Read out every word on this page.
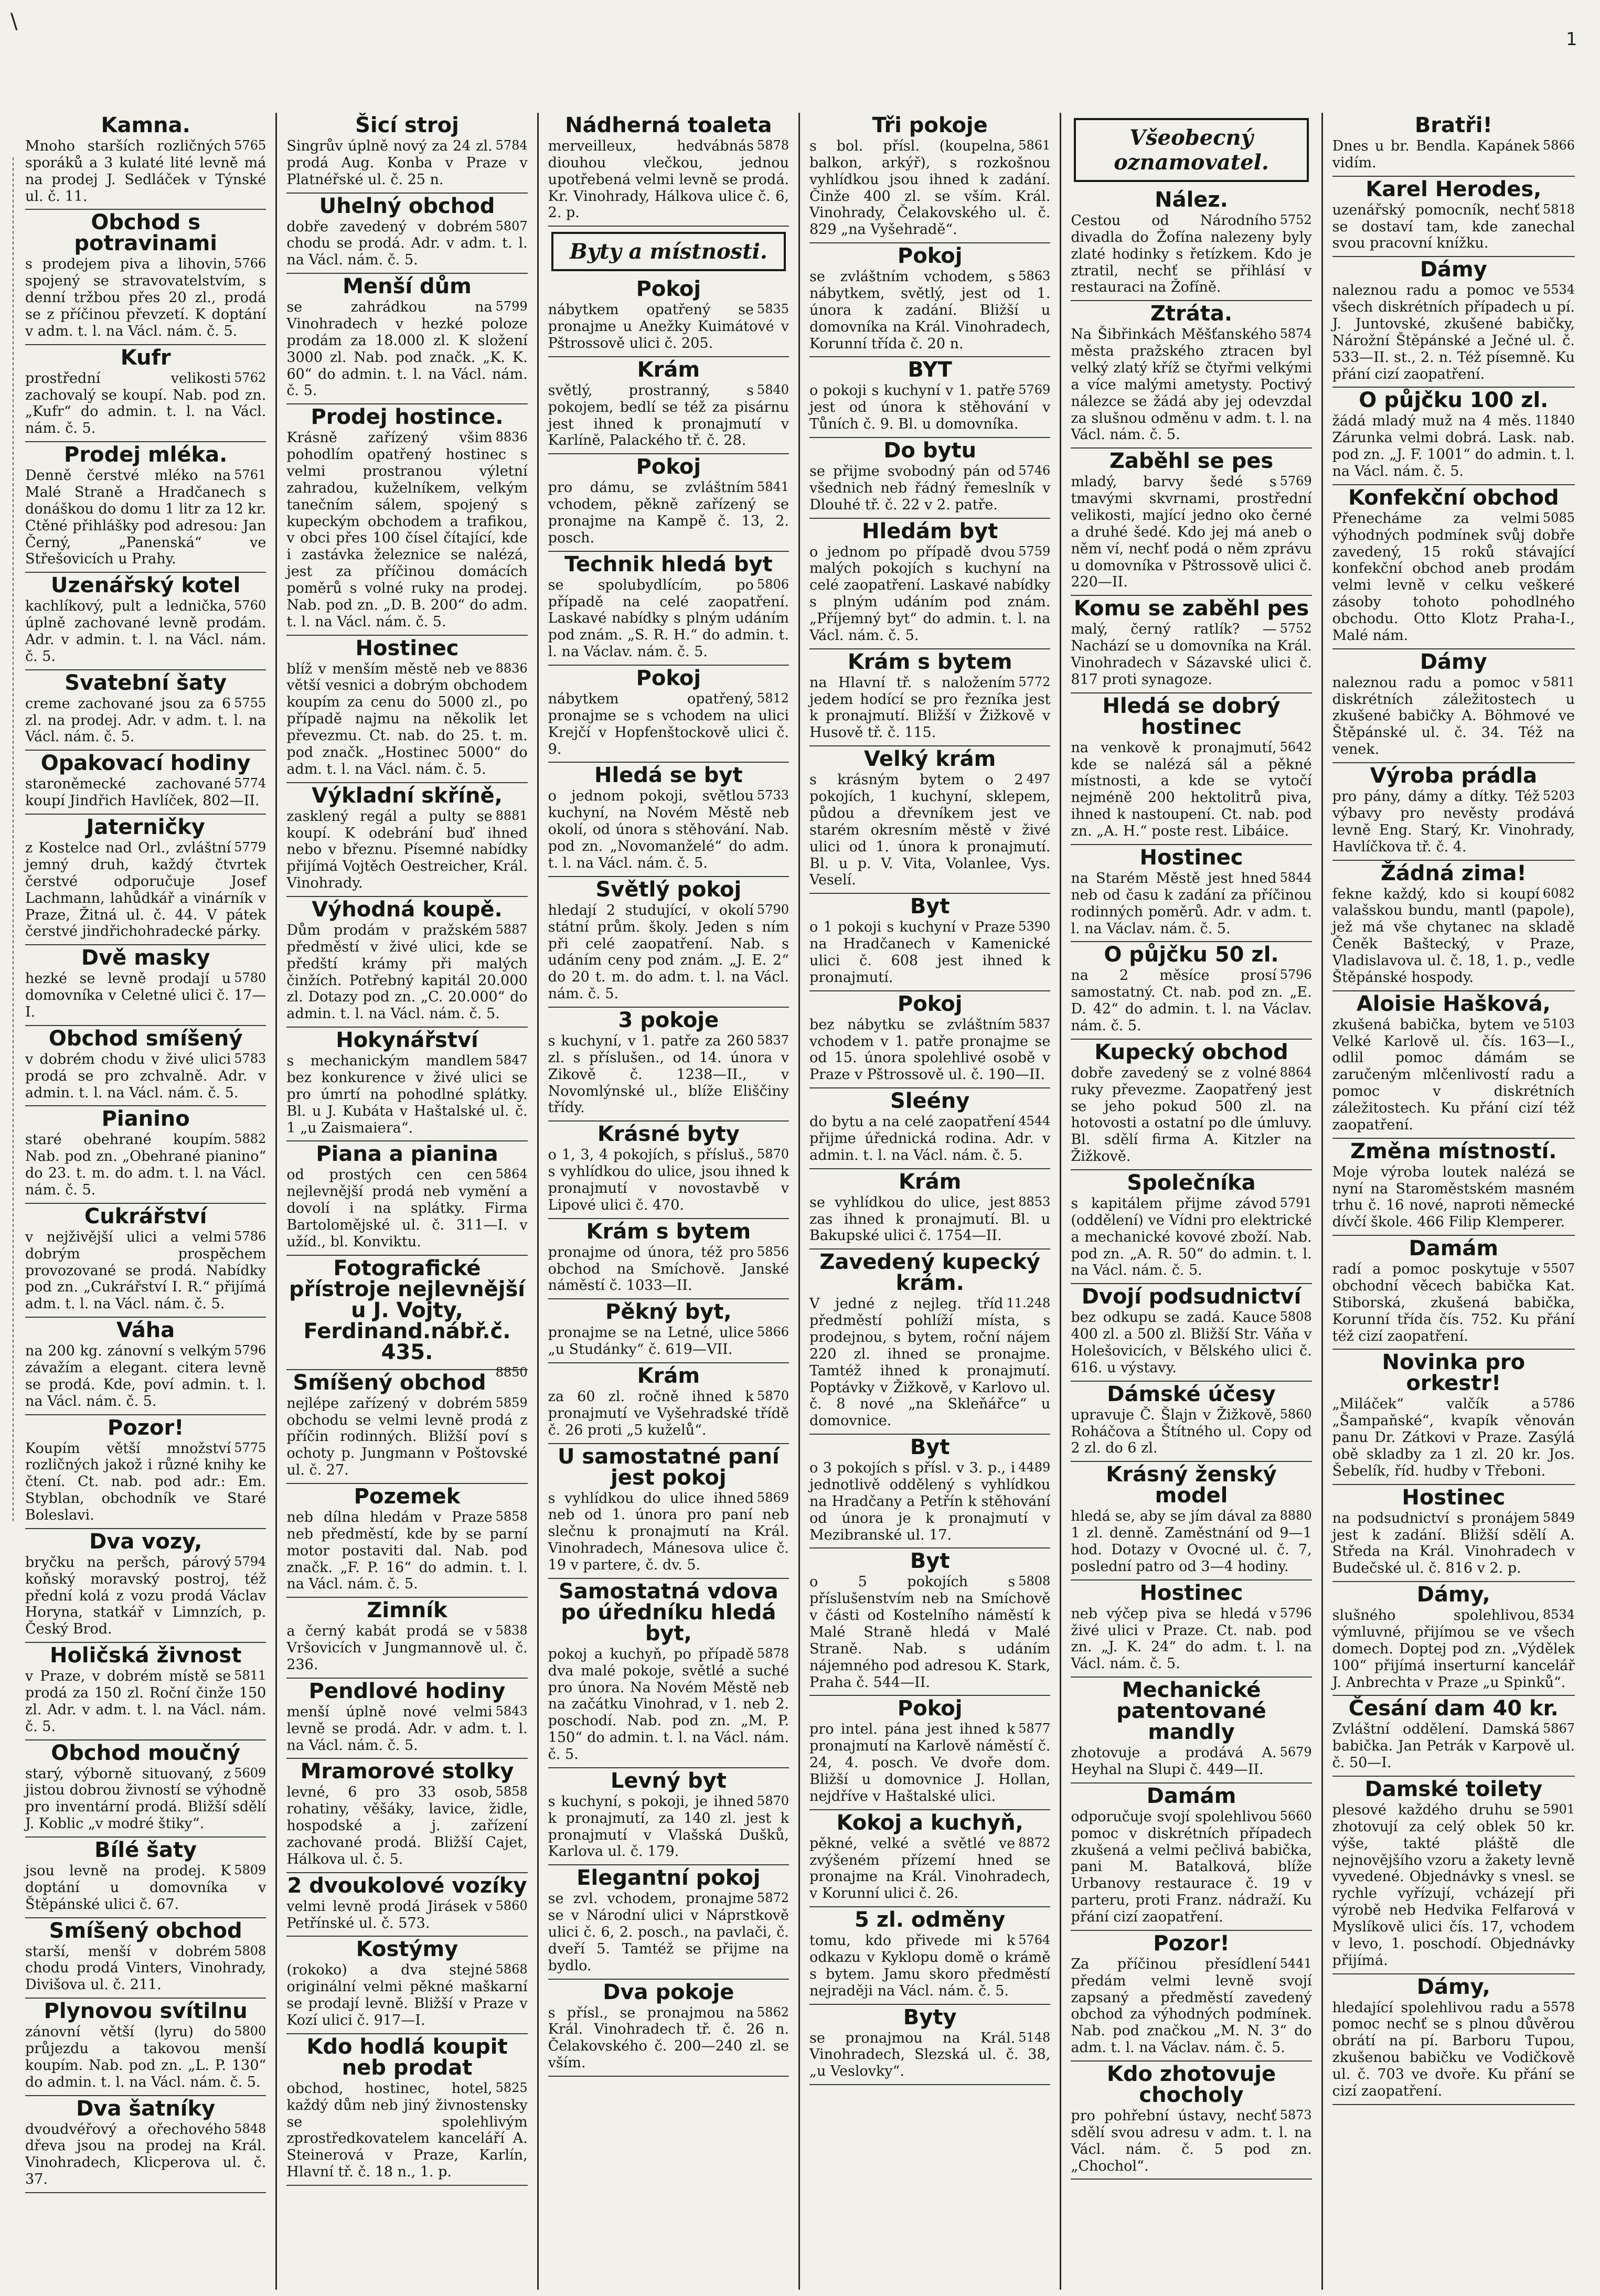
\
1
Kamna.

5765
Mnoho starších rozličných sporáků a 3 kulaté lité levně má na prodej J. Sedláček v Týnské ul. č. 11.

Obchod s potravinami

5766
s prodejem piva a lihovin, spojený se stravovatelstvím, s denní tržbou přes 20 zl., prodá se z příčinou převzetí. K doptání v adm. t. l. na Václ. nám. č. 5.

Kufr

5762
prostřední velikosti zachovalý se koupí. Nab. pod zn. „Kufr“ do admin. t. l. na Václ. nám. č. 5.

Prodej mléka.

5761
Denně čerstvé mléko na Malé Straně a Hradčanech s donáškou do domu 1 litr za 12 kr. Ctěné přihlášky pod adresou: Jan Černý, „Panenská“ ve Střešovicích u Prahy.

Uzenářský kotel

5760
kachlíkový, pult a lednička, úplně zachované levně prodám. Adr. v admin. t. l. na Václ. nám. č. 5.

Svatební šaty

5755
creme zachované jsou za 6 zl. na prodej. Adr. v adm. t. l. na Václ. nám. č. 5.

Opakovací hodiny

5774
staroněmecké zachované koupí Jindřich Havlíček, 802—II.

Jaterničky

5779
z Kostelce nad Orl., zvláštní jemný druh, každý čtvrtek čerstvé odporučuje Josef Lachmann, lahůdkář a vinárník v Praze, Žitná ul. č. 44. V pátek čerstvé jindřichohradecké párky.

Dvě masky

5780
hezké se levně prodají u domovníka v Celetné ulici č. 17—I.

Obchod smíšený

5783
v dobrém chodu v živé ulici prodá se pro zchvalně. Adr. v admin. t. l. na Václ. nám. č. 5.

Pianino

5882
staré obehrané koupím. Nab. pod zn. „Obehrané pianino“ do 23. t. m. do adm. t. l. na Václ. nám. č. 5.

Cukrářství

5786
v nejživější ulici a velmi dobrým prospěchem provozované se prodá. Nabídky pod zn. „Cukrářství I. R.“ přijímá adm. t. l. na Václ. nám. č. 5.

Váha

5796
na 200 kg. zánovní s velkým závažím a elegant. citera levně se prodá. Kde, poví admin. t. l. na Václ. nám. č. 5.

Pozor!

5775
Koupím větší množství rozličných jakož i různé knihy ke čtení. Ct. nab. pod adr.: Em. Styblan, obchodník ve Staré Boleslavi.

Dva vozy,

5794
bryčku na peršch, párový koňský moravský postroj, též přední kolá z vozu prodá Václav Horyna, statkář v Limnzích, p. Český Brod.

Holičská živnost

5811
v Praze, v dobrém místě se prodá za 150 zl. Roční činže 150 zl. Adr. v adm. t. l. na Václ. nám. č. 5.

Obchod moučný

5609
starý, výborně situovaný, z jistou dobrou živností se výhodně pro inventární prodá. Bližší sdělí J. Koblic „v modré štiky“.

Bílé šaty

5809
jsou levně na prodej. K doptání u domovníka v Štěpánské ulici č. 67.

Smíšený obchod

5808
starší, menší v dobrém chodu prodá Vinters, Vinohrady, Divišova ul. č. 211.

Plynovou svítilnu

5800
zánovní větší (lyru) do průjezdu a takovou menší koupím. Nab. pod zn. „L. P. 130“ do admin. t. l. na Václ. nám. č. 5.

Dva šatníky

5848
dvoudvéřový a ořechového dřeva jsou na prodej na Král. Vinohradech, Klicperova ul. č. 37.

Šicí stroj

5784
Singrův úplně nový za 24 zl. prodá Aug. Konba v Praze v Platnéřské ul. č. 25 n.

Uhelný obchod

5807
dobře zavedený v dobrém chodu se prodá. Adr. v adm. t. l. na Václ. nám. č. 5.

Menší dům

5799
se zahrádkou na Vinohradech v hezké poloze prodám za 18.000 zl. K složení 3000 zl. Nab. pod značk. „K. K. 60“ do admin. t. l. na Václ. nám. č. 5.

Prodej hostince.

8836
Krásně zařízený všim pohodlím opatřený hostinec s velmi prostranou výletní zahradou, kuželníkem, velkým tanečním sálem, spojený s kupeckým obchodem a trafikou, v obci přes 100 čísel čítající, kde i zastávka železnice se nalézá, jest za příčinou domácích poměrů s volné ruky na prodej. Nab. pod zn. „D. B. 200“ do adm. t. l. na Václ. nám. č. 5.

Hostinec

8836
blíž v menším městě neb ve větší vesnici a dobrým obchodem koupím za cenu do 5000 zl., po případě najmu na několik let převezmu. Ct. nab. do 25. t. m. pod značk. „Hostinec 5000“ do adm. t. l. na Václ. nám. č. 5.

Výkladní skříně,

8881
zasklený regál a pulty se koupí. K odebrání buď ihned nebo v březnu. Písemné nabídky přijímá Vojtěch Oestreicher, Král. Vinohrady.

Výhodná koupě.

5887
Dům prodám v pražském předměstí v živé ulici, kde se předští krámy při malých činžích. Potřebný kapitál 20.000 zl. Dotazy pod zn. „C. 20.000“ do admin. t. l. na Václ. nám. č. 5.

Hokynářství

5847
s mechanickým mandlem bez konkurence v živé ulici se pro úmrtí na pohodlné splátky. Bl. u J. Kubáta v Haštalské ul. č. 1 „u Zaismaiera“.

Piana a pianina

5864
od prostých cen cen nejlevnější prodá neb vymění a dovolí i na splátky. Firma Bartolomějské ul. č. 311—I. v užíd., bl. Konviktu.

Fotografické přístroje nejlevnější u J. Vojty, Ferdinand.nábř.č. 435.

8850

Smíšený obchod

5859
nejlépe zařízený v dobrém obchodu se velmi levně prodá z příčin rodinných. Bližší poví s ochoty p. Jungmann v Poštovské ul. č. 27.

Pozemek

5858
neb dílna hledám v Praze neb předměstí, kde by se parní motor postaviti dal. Nab. pod značk. „F. P. 16“ do admin. t. l. na Václ. nám. č. 5.

Zimník

5838
a černý kabát prodá se v Vršovicích v Jungmannově ul. č. 236.

Pendlové hodiny

5843
menší úplně nové velmi levně se prodá. Adr. v adm. t. l. na Václ. nám. č. 5.

Mramorové stolky

5858
levné, 6 pro 33 osob, rohatiny, věšáky, lavice, židle, hospodské a j. zařízení zachované prodá. Bližší Cajet, Hálkova ul. č. 5.

2 dvoukolové vozíky

5860
velmi levně prodá Jirásek v Petřínské ul. č. 573.

Kostýmy

5868
(rokoko) a dva stejné originální velmi pěkné maškarní se prodají levně. Bližší v Praze v Kozí ulici č. 917—I.

Kdo hodlá koupit neb prodat

5825
obchod, hostinec, hotel, každý dům neb jiný živnostensky se spolehlivým zprostředkovatelem kanceláří A. Steinerová v Praze, Karlín, Hlavní tř. č. 18 n., 1. p.

Nádherná toaleta

5878
merveilleux, hedvábnás diouhou vlečkou, jednou upotřebená velmi levně se prodá. Kr. Vinohrady, Hálkova ulice č. 6, 2. p.

Byty a místnosti.
Pokoj

5835
nábytkem opatřený se pronajme u Anežky Kuimátové v Pštrossově ulici č. 205.

Krám

5840
světlý, prostranný, s pokojem, bedlí se též za pisárnu jest ihned k pronajmutí v Karlíně, Palackého tř. č. 28.

Pokoj

5841
pro dámu, se zvláštním vchodem, pěkně zařízený se pronajme na Kampě č. 13, 2. posch.

Technik hledá byt

5806
se spolubydlícím, po případě na celé zaopatření. Laskavé nabídky s plným udáním pod znám. „S. R. H.“ do admin. t. l. na Václav. nám. č. 5.

Pokoj

5812
nábytkem opatřený, pronajme se s vchodem na ulici Krejčí v Hopfenštockově ulici č. 9.

Hledá se byt

5733
o jednom pokoji, světlou kuchyní, na Novém Městě neb okolí, od února s stěhování. Nab. pod zn. „Novomanželé“ do adm. t. l. na Václ. nám. č. 5.

Světlý pokoj

5790
hledají 2 studující, v okolí státní prům. školy. Jeden s ním při celé zaopatření. Nab. s udáním ceny pod znám. „J. E. 2“ do 20 t. m. do adm. t. l. na Václ. nám. č. 5.

3 pokoje

5837
s kuchyní, v 1. patře za 260 zl. s příslušen., od 14. února v Zikově č. 1238—II., v Novomlýnské ul., blíže Eliščiny třídy.

Krásné byty

5870
o 1, 3, 4 pokojích, s přísluš., s vyhlídkou do ulice, jsou ihned k pronajmutí v novostavbě v Lipové ulici č. 470.

Krám s bytem

5856
pronajme od února, též pro obchod na Smíchově. Janské náměstí č. 1033—II.

Pěkný byt,

5866
pronajme se na Letné, ulice „u Studánky“ č. 619—VII.

Krám

5870
za 60 zl. ročně ihned k pronajmutí ve Vyšehradské třídě č. 26 proti „5 kuželů“.

U samostatné paní jest pokoj

5869
s vyhlídkou do ulice ihned neb od 1. února pro paní neb slečnu k pronajmutí na Král. Vinohradech, Mánesova ulice č. 19 v partere, č. dv. 5.

Samostatná vdova po úředníku hledá byt,

5878
pokoj a kuchyň, po případě dva malé pokoje, světlé a suché pro února. Na Novém Městě neb na začátku Vinohrad, v 1. neb 2. poschodí. Nab. pod zn. „M. P. 150“ do admin. t. l. na Václ. nám. č. 5.

Levný byt

5870
s kuchyní, s pokoji, je ihned k pronajmutí, za 140 zl. jest k pronajmutí v Vlašská Dušků, Karlova ul. č. 179.

Elegantní pokoj

5872
se zvl. vchodem, pronajme se v Národní ulici v Náprstkově ulici č. 6, 2. posch., na pavlači, č. dveří 5. Tamtéž se přijme na bydlo.

Dva pokoje

5862
s přísl., se pronajmou na Král. Vinohradech tř. č. 26 n. Čelakovského č. 200—240 zl. se vším.

Tři pokoje

5861
s bol. přísl. (koupelna, balkon, arkýř), s rozkošnou vyhlídkou jsou ihned k zadání. Činže 400 zl. se vším. Král. Vinohrady, Čelakovského ul. č. 829 „na Vyšehradě“.

Pokoj

5863
se zvláštním vchodem, s nábytkem, světlý, jest od 1. února k zadání. Bližší u domovníka na Král. Vinohradech, Korunní třída č. 20 n.

BYT

5769
o pokoji s kuchyní v 1. patře jest od února k stěhování v Tůních č. 9. Bl. u domovníka.

Do bytu

5746
se přijme svobodný pán od všednich neb řádný řemeslník v Dlouhé tř. č. 22 v 2. patře.

Hledám byt

5759
o jednom po případě dvou malých pokojích s kuchyní na celé zaopatření. Laskavé nabídky s plným udáním pod znám. „Příjemný byt“ do admin. t. l. na Václ. nám. č. 5.

Krám s bytem

5772
na Hlavní tř. s naložením jedem hodící se pro řezníka jest k pronajmutí. Bližší v Žižkově v Husově tř. č. 115.

Velký krám

497
s krásným bytem o 2 pokojích, 1 kuchyní, sklepem, půdou a dřevníkem jest ve starém okresním městě v živé ulici od 1. února k pronajmutí. Bl. u p. V. Vita, Volanlee, Vys. Veselí.

Byt

5390
o 1 pokoji s kuchyní v Praze na Hradčanech v Kamenické ulici č. 608 jest ihned k pronajmutí.

Pokoj

5837
bez nábytku se zvláštním vchodem v 1. patře pronajme se od 15. února spolehlivé osobě v Praze v Pštrossově ul. č. 190—II.

Sleény

4544
do bytu a na celé zaopatření přijme úřednická rodina. Adr. v admin. t. l. na Václ. nám. č. 5.

Krám

8853
se vyhlídkou do ulice, jest zas ihned k pronajmutí. Bl. u Bakupské ulici č. 1754—II.

Zavedený kupecký krám.

11.248
V jedné z nejleg. tříd předměstí pohlíží místa, s prodejnou, s bytem, roční nájem 220 zl. ihned se pronajme. Tamtéž ihned k pronajmutí. Poptávky v Žižkově, v Karlovo ul. č. 8 nové „na Skleňářce“ u domovnice.

Byt

4489
o 3 pokojích s přísl. v 3. p., i jednotlivě oddělený s vyhlídkou na Hradčany a Petřín k stěhování od února je k pronajmutí v Mezibranské ul. 17.

Byt

5808
o 5 pokojích s příslušenstvím neb na Smíchově v části od Kostelního náměstí k Malé Straně hledá v Malé Straně. Nab. s udáním nájemného pod adresou K. Stark, Praha č. 544—II.

Pokoj

5877
pro intel. pána jest ihned k pronajmutí na Karlově náměstí č. 24, 4. posch. Ve dvoře dom. Bližší u domovnice J. Hollan, nejdříve v Haštalské ulici.

Kokoj a kuchyň,

8872
pěkné, velké a světlé ve zvýšeném přízemí hned se pronajme na Král. Vinohradech, v Korunní ulici č. 26.

5 zl. odměny

5764
tomu, kdo přivede mi k odkazu v Kyklopu domě o krámě s bytem. Jamu skoro předměstí nejraději na Václ. nám. č. 5.

Byty

5148
se pronajmou na Král. Vinohradech, Slezská ul. č. 38, „u Veslovky“.

Všeobecný oznamovatel.
Nález.

5752
Cestou od Národního divadla do Žofína nalezeny byly zlaté hodinky s řetízkem. Kdo je ztratil, nechť se přihlásí v restauraci na Žofíně.

Ztráta.

5874
Na Šibřinkách Měšťanského města pražského ztracen byl velký zlatý kříž se čtyřmi velkými a více malými ametysty. Poctivý nálezce se žádá aby jej odevzdal za slušnou odměnu v adm. t. l. na Václ. nám. č. 5.

Zaběhl se pes

5769
mladý, barvy šedé s tmavými skvrnami, prostřední velikosti, mající jedno oko černé a druhé šedé. Kdo jej má aneb o něm ví, nechť podá o něm zprávu u domovníka v Pštrossově ulici č. 220—II.

Komu se zaběhl pes

5752
malý, černý ratlík? — Nachází se u domovníka na Král. Vinohradech v Sázavské ulici č. 817 proti synagoze.

Hledá se dobrý hostinec

5642
na venkově k pronajmutí, kde se nalézá sál a pěkné místnosti, a kde se vytočí nejméně 200 hektolitrů piva, ihned k nastoupení. Ct. nab. pod zn. „A. H.“ poste rest. Libáice.

Hostinec

5844
na Starém Městě jest hned neb od času k zadání za příčinou rodinných poměrů. Adr. v adm. t. l. na Václav. nám. č. 5.

O půjčku 50 zl.

5796
na 2 měsíce prosí samostatný. Ct. nab. pod zn. „E. D. 42“ do admin. t. l. na Václav. nám. č. 5.

Kupecký obchod

8864
dobře zavedený se z volné ruky převezme. Zaopatřený jest se jeho pokud 500 zl. na hotovosti a ostatní po dle úmluvy. Bl. sdělí firma A. Kitzler na Žižkově.

Společníka

5791
s kapitálem přijme závod (oddělení) ve Vídni pro elektrické a mechanické kovové zboží. Nab. pod zn. „A. R. 50“ do admin. t. l. na Václ. nám. č. 5.

Dvojí podsudnictví

5808
bez odkupu se zadá. Kauce 400 zl. a 500 zl. Bližší Str. Váňa v Holešovicích, v Bělského ulici č. 616. u výstavy.

Dámské účesy

5860
upravuje Č. Šlajn v Žižkově, Roháčova a Štítného ul. Copy od 2 zl. do 6 zl.

Krásný ženský model

8880
hledá se, aby se jím dával za 1 zl. denně. Zaměstnání od 9—1 hod. Dotazy v Ovocné ul. č. 7, poslední patro od 3—4 hodiny.

Hostinec

5796
neb výčep piva se hledá v živé ulici v Praze. Ct. nab. pod zn. „J. K. 24“ do adm. t. l. na Václ. nám. č. 5.

Mechanické patentované mandly

5679
zhotovuje a prodává A. Heyhal na Slupi č. 449—II.

Damám

5660
odporučuje svojí spolehlivou pomoc v diskrétních případech zkušená a velmi pečlivá babička, pani M. Batalková, blíže Urbanovy restaurace č. 19 v parteru, proti Franz. nádraží. Ku přání cizí zaopatření.

Pozor!

5441
Za příčinou přesídlení předám velmi levně svojí zapsaný a předměstí zavedený obchod za výhodných podmínek. Nab. pod značkou „M. N. 3“ do adm. t. l. na Václav. nám. č. 5.

Kdo zhotovuje chocholy

5873
pro pohřební ústavy, nechť sdělí svou adresu v adm. t. l. na Václ. nám. č. 5 pod zn. „Chochol“.

Bratři!

5866
Dnes u br. Bendla. Kapánek vidím.

Karel Herodes,

5818
uzenářský pomocník, nechť se dostaví tam, kde zanechal svou pracovní knížku.

Dámy

5534
naleznou radu a pomoc ve všech diskrétních případech u pí. J. Juntovské, zkušené babičky, Nárožní Štěpánské a Ječné ul. č. 533—II. st., 2. n. Též písemně. Ku přání cizí zaopatření.

O půjčku 100 zl.

11840
žádá mladý muž na 4 měs. Zárunka velmi dobrá. Lask. nab. pod zn. „J. F. 1001“ do admin. t. l. na Václ. nám. č. 5.

Konfekční obchod

5085
Přenecháme za velmi výhodných podmínek svůj dobře zavedený, 15 roků stávající konfekční obchod aneb prodám velmi levně v celku veškeré zásoby tohoto pohodlného obchodu. Otto Klotz Praha-I., Malé nám.

Dámy

5811
naleznou radu a pomoc v diskrétních záležitostech u zkušené babičky A. Böhmové ve Štěpánské ul. č. 34. Též na venek.

Výroba prádla

5203
pro pány, dámy a dítky. Též výbavy pro nevěsty prodává levně Eng. Starý, Kr. Vinohrady, Havlíčkova tř. č. 4.

Žádná zima!

6082
fekne každý, kdo si koupí valašskou bundu, mantl (papole), jež má vše chytanec na skladě Čeněk Baštecký, v Praze, Vladislavova ul. č. 18, 1. p., vedle Štěpánské hospody.

Aloisie Hašková,

5103
zkušená babička, bytem ve Velké Karlově ul. čís. 163—I., odlil pomoc dámám se zaručeným mlčenlivostí radu a pomoc v diskrétních záležitostech. Ku přání cizí též zaopatření.

Změna místností.

Moje výroba loutek nalézá se nyní na Staroměstském masném trhu č. 16 nové, naproti německé dívčí škole. 466 Filip Klemperer.

Damám

5507
radí a pomoc poskytuje v obchodní věcech babička Kat. Stiborská, zkušená babička, Korunní třída čís. 752. Ku přání též cizí zaopatření.

Novinka pro orkestr!

5786
„Miláček“ valčík a „Šampaňské“, kvapík věnován panu Dr. Zátkovi v Praze. Zasýlá obě skladby za 1 zl. 20 kr. Jos. Šebelík, říd. hudby v Třeboni.

Hostinec

5849
na podsudnictví s pronájem jest k zadání. Bližší sdělí A. Středa na Král. Vinohradech v Budečské ul. č. 816 v 2. p.

Dámy,

8534
slušného spolehlivou, výmluvné, přijímou se ve všech domech. Doptej pod zn. „Výdělek 100“ přijímá inserturní kancelář J. Anbrechta v Praze „u Spinků“.

Česání dam 40 kr.

5867
Zvláštní oddělení. Damská babička. Jan Petrák v Karpově ul. č. 50—I.

Damské toilety

5901
plesové každého druhu se zhotovují za celý oblek 50 kr. výše, takté pláště dle nejnovějšího vzoru a žakety levně vyvedené. Objednávky s vnesl. se rychle vyřízují, vcházejí při výrobě neb Hedvika Felfarová v Myslíkově ulici čís. 17, vchodem v levo, 1. poschodí. Objednávky přijímá.

Dámy,

5578
hledající spolehlivou radu a pomoc nechť se s plnou důvěrou obrátí na pí. Barboru Tupou, zkušenou babičku ve Vodičkově ul. č. 703 ve dvoře. Ku přání se cizí zaopatření.
